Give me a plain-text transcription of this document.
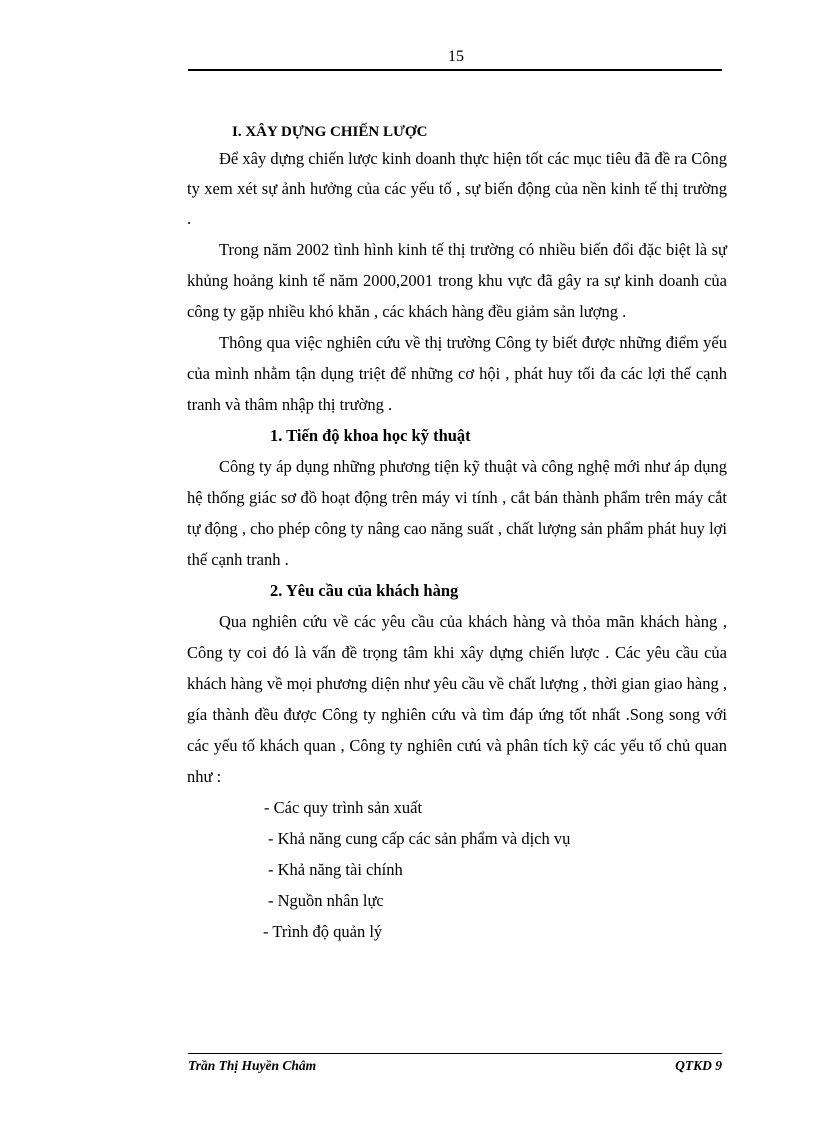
15

I. XÂY DỰNG CHIẾN LƯỢC

Để xây dựng chiến lược kinh doanh thực hiện tốt các mục tiêu đã đề ra Công ty xem xét sự ảnh hưởng của các yếu tố , sự biến động của nền kinh tế thị trường .

Trong năm 2002 tình hình kinh tế thị trường có nhiều biến đổi đặc biệt là sự khủng hoảng kinh tế năm 2000,2001 trong khu vực đã gây ra sự kinh doanh của công ty gặp nhiều khó khăn , các khách hàng đều giảm sản lượng .

Thông qua việc nghiên cứu về thị trường Công ty biết được những điểm yếu của mình nhằm tận dụng triệt để những cơ hội , phát huy tối đa các lợi thế cạnh tranh và thâm nhập thị trường .

1. Tiến độ khoa học kỹ thuật

Công ty áp dụng những phương tiện kỹ thuật và công nghệ mới như áp dụng hệ thống giác sơ đồ hoạt động trên máy vi tính , cắt bán thành phẩm trên máy cắt tự động , cho phép công ty nâng cao năng suất , chất lượng sản phẩm phát huy lợi thế cạnh tranh .

2. Yêu cầu của khách hàng

Qua nghiên cứu về các yêu cầu của khách hàng và thỏa mãn khách hàng , Công ty coi đó là vấn đề trọng tâm khi xây dựng chiến lược . Các yêu cầu của khách hàng về mọi phương diện như yêu cầu về chất lượng , thời gian giao hàng , gía thành đều được Công ty nghiên cứu và tìm đáp ứng tốt nhất .Song song với các yếu tố khách quan , Công ty nghiên cưú và phân tích kỹ các yếu tố chủ quan như :

- Các quy trình sản xuất
- Khả năng cung cấp các sản phẩm và dịch vụ
- Khả năng tài chính
- Nguồn nhân lực
- Trình độ quản lý
Trần Thị Huyền Châm	QTKD 9
